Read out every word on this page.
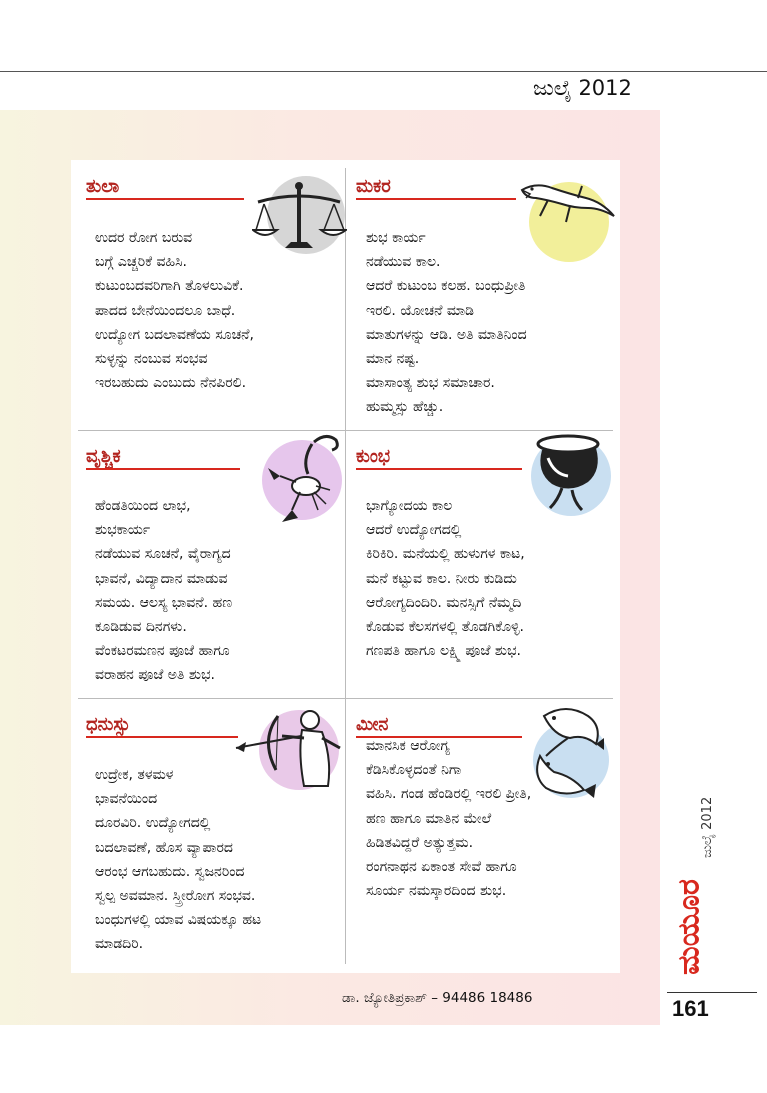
ಜುಲೈ 2012
ತುಲಾ
ಉದರ ರೋಗ ಬರುವ
ಬಗ್ಗೆ ಎಚ್ಚರಿಕೆ ವಹಿಸಿ.
ಕುಟುಂಬದವರಿಗಾಗಿ ತೊಳಲುವಿಕೆ.
ಪಾದದ ಬೇನೆಯಿಂದಲೂ ಬಾಧೆ.
ಉದ್ಯೋಗ ಬದಲಾವಣೆಯ ಸೂಚನೆ,
ಸುಳ್ಳನ್ನು ನಂಬುವ ಸಂಭವ
ಇರಬಹುದು ಎಂಬುದು ನೆನಪಿರಲಿ.
ಮಕರ
ಶುಭ ಕಾರ್ಯ
ನಡೆಯುವ ಕಾಲ.
ಆದರೆ ಕುಟುಂಬ ಕಲಹ. ಬಂಧುಪ್ರೀತಿ
ಇರಲಿ. ಯೋಚನೆ ಮಾಡಿ
ಮಾತುಗಳನ್ನು ಆಡಿ. ಅತಿ ಮಾತಿನಿಂದ
ಮಾನ ನಷ್ಟ.
ಮಾಸಾಂತ್ಯ ಶುಭ ಸಮಾಚಾರ.
ಹುಮ್ಮಸ್ಸು ಹೆಚ್ಚು.
ವೃಶ್ಚಿಕ
ಹೆಂಡತಿಯಿಂದ ಲಾಭ,
ಶುಭಕಾರ್ಯ
ನಡೆಯುವ ಸೂಚನೆ, ವೈರಾಗ್ಯದ
ಭಾವನೆ, ವಿದ್ಯಾದಾನ ಮಾಡುವ
ಸಮಯ. ಆಲಸ್ಯ ಭಾವನೆ. ಹಣ
ಕೂಡಿಡುವ ದಿನಗಳು.
ವೆಂಕಟರಮಣನ ಪೂಜೆ ಹಾಗೂ
ವರಾಹನ ಪೂಜೆ ಅತಿ ಶುಭ.
ಕುಂಭ
ಭಾಗ್ಯೋದಯ ಕಾಲ
ಆದರೆ ಉದ್ಯೋಗದಲ್ಲಿ
ಕಿರಿಕಿರಿ. ಮನೆಯಲ್ಲಿ ಹುಳುಗಳ ಕಾಟ,
ಮನೆ ಕಟ್ಟುವ ಕಾಲ. ನೀರು ಕುಡಿದು
ಆರೋಗ್ಯದಿಂದಿರಿ. ಮನಸ್ಸಿಗೆ ನೆಮ್ಮದಿ
ಕೊಡುವ ಕೆಲಸಗಳಲ್ಲಿ ತೊಡಗಿಕೊಳ್ಳಿ.
ಗಣಪತಿ ಹಾಗೂ ಲಕ್ಷ್ಮಿ ಪೂಜೆ ಶುಭ.
ಧನುಸ್ಸು
ಉದ್ರೇಕ, ತಳಮಳ
ಭಾವನೆಯಿಂದ
ದೂರವಿರಿ. ಉದ್ಯೋಗದಲ್ಲಿ
ಬದಲಾವಣೆ, ಹೊಸ ವ್ಯಾಪಾರದ
ಆರಂಭ ಆಗಬಹುದು. ಸ್ವಜನರಿಂದ
ಸ್ವಲ್ಪ ಅವಮಾನ. ಸ್ತ್ರೀರೋಗ ಸಂಭವ.
ಬಂಧುಗಳಲ್ಲಿ ಯಾವ ವಿಷಯಕ್ಕೂ ಹಟ
ಮಾಡದಿರಿ.
ಮೀನ
ಮಾನಸಿಕ ಆರೋಗ್ಯ
ಕೆಡಿಸಿಕೊಳ್ಳದಂತೆ ನಿಗಾ
ವಹಿಸಿ. ಗಂಡ ಹೆಂಡಿರಲ್ಲಿ ಇರಲಿ ಪ್ರೀತಿ,
ಹಣ ಹಾಗೂ ಮಾತಿನ ಮೇಲೆ
ಹಿಡಿತವಿದ್ದರೆ ಅತ್ಯುತ್ತಮ.
ರಂಗನಾಥನ ಏಕಾಂತ ಸೇವೆ ಹಾಗೂ
ಸೂರ್ಯ ನಮಸ್ಕಾರದಿಂದ ಶುಭ.
ಡಾ. ಜ್ಯೋತಿಪ್ರಕಾಶ್ – 94486 18486
ಜುಲೈ 2012
ಮಯೂರ
161
